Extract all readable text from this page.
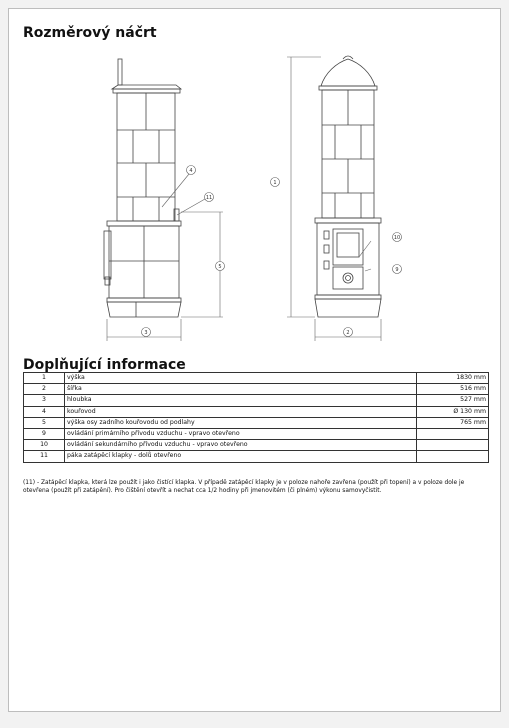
Rozměrový náčrt
4
11
5
3	2
1
10
9
Doplňující informace
1	výška	1830 mm
2	šířka	516 mm
3	hloubka	527 mm
4	kouřovod	Ø 130 mm
5	výška osy zadního kouřovodu od podlahy	765 mm
9	ovládání primárního přívodu vzduchu - vpravo otevřeno	
10	ovládání sekundárního přívodu vzduchu - vpravo otevřeno	
11	páka zatápěcí klapky - dolů otevřeno	

(11) - Zatápěcí klapka, která lze použít i jako čistící klapka. V případě zatápěcí klapky je v poloze nahoře zavřena (použít při topení) a v poloze dole je otevřena (použít při zatápění). Pro čištění otevřít a nechat cca 1/2 hodiny při jmenovitém (či plném) výkonu samovyčistit.
